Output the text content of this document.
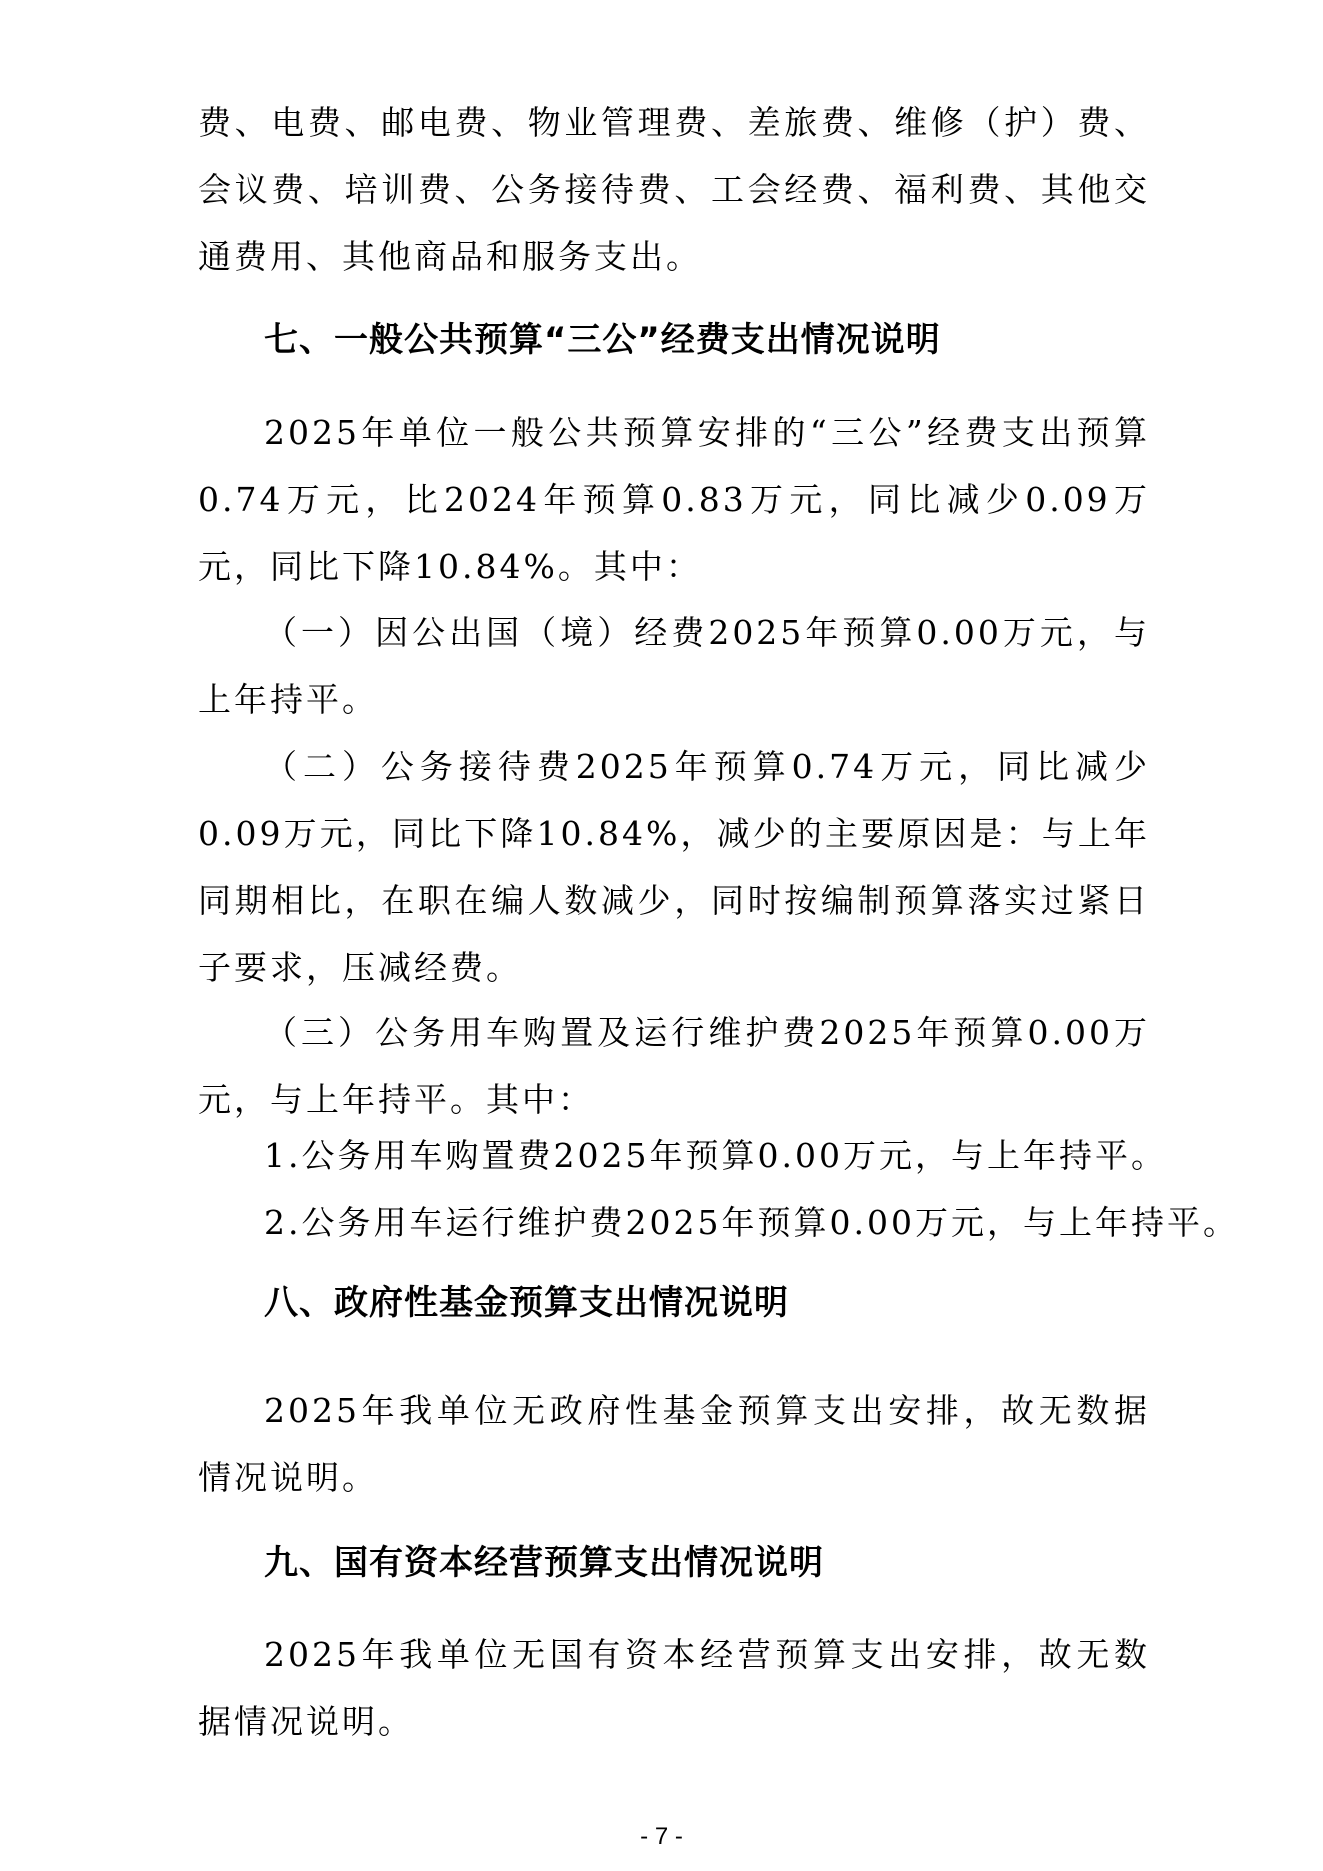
费、电费、邮电费、物业管理费、差旅费、维修（护）费、会议费、培训费、公务接待费、工会经费、福利费、其他交通费用、其他商品和服务支出。

七、一般公共预算“三公”经费支出情况说明

2025年单位一般公共预算安排的“三公”经费支出预算0.74万元，比2024年预算0.83万元，同比减少0.09万元，同比下降10.84%。其中：

（一）因公出国（境）经费2025年预算0.00万元，与上年持平。

（二）公务接待费2025年预算0.74万元，同比减少0.09万元，同比下降10.84%，减少的主要原因是：与上年同期相比，在职在编人数减少，同时按编制预算落实过紧日子要求，压减经费。

（三）公务用车购置及运行维护费2025年预算0.00万元，与上年持平。其中：

1.公务用车购置费2025年预算0.00万元，与上年持平。

2.公务用车运行维护费2025年预算0.00万元，与上年持平。

八、政府性基金预算支出情况说明

2025年我单位无政府性基金预算支出安排，故无数据情况说明。

九、国有资本经营预算支出情况说明

2025年我单位无国有资本经营预算支出安排，故无数据情况说明。

- 7 -
